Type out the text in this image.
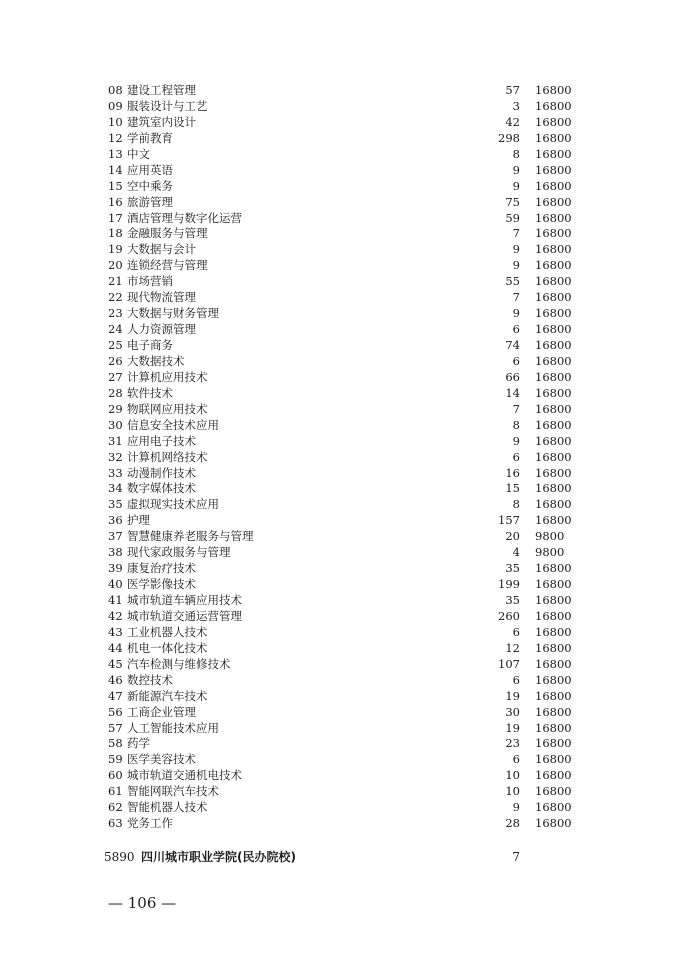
08 建设工程管理	57 16800
09 服装设计与工艺	3 16800
10 建筑室内设计	42 16800
12 学前教育	298 16800
13 中文	8 16800
14 应用英语	9 16800
15 空中乘务	9 16800
16 旅游管理	75 16800
17 酒店管理与数字化运营	59 16800
18 金融服务与管理	7 16800
19 大数据与会计	9 16800
20 连锁经营与管理	9 16800
21 市场营销	55 16800
22 现代物流管理	7 16800
23 大数据与财务管理	9 16800
24 人力资源管理	6 16800
25 电子商务	74 16800
26 大数据技术	6 16800
27 计算机应用技术	66 16800
28 软件技术	14 16800
29 物联网应用技术	7 16800
30 信息安全技术应用	8 16800
31 应用电子技术	9 16800
32 计算机网络技术	6 16800
33 动漫制作技术	16 16800
34 数字媒体技术	15 16800
35 虚拟现实技术应用	8 16800
36 护理	157 16800
37 智慧健康养老服务与管理	20 9800
38 现代家政服务与管理	4 9800
39 康复治疗技术	35 16800
40 医学影像技术	199 16800
41 城市轨道车辆应用技术	35 16800
42 城市轨道交通运营管理	260 16800
43 工业机器人技术	6 16800
44 机电一体化技术	12 16800
45 汽车检测与维修技术	107 16800
46 数控技术	6 16800
47 新能源汽车技术	19 16800
56 工商企业管理	30 16800
57 人工智能技术应用	19 16800
58 药学	23 16800
59 医学美容技术	6 16800
60 城市轨道交通机电技术	10 16800
61 智能网联汽车技术	10 16800
62 智能机器人技术	9 16800
63 党务工作	28 16800
5890 四川城市职业学院(民办院校)	7
— 106 —
